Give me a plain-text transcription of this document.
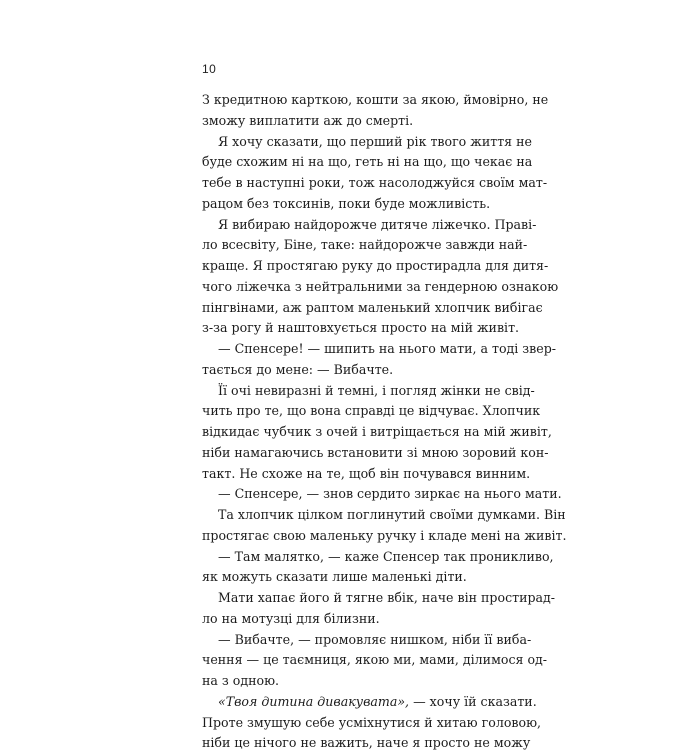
10
З кредитною карткою, кошти за якою, ймовірно, не
зможу виплатити аж до смерті.
Я хочу сказати, що перший рік твого життя не
буде схожим ні на що, геть ні на що, що чекає на
тебе в наступні роки, тож насолоджуйся своїм мат-
рацом без токсинів, поки буде можливість.
Я вибираю найдорожче дитяче ліжечко. Праві-
ло всесвіту, Біне, таке: найдорожче завжди най-
краще. Я простягаю руку до простирадла для дитя-
чого ліжечка з нейтральними за гендерною ознакою
пінгвінами, аж раптом маленький хлопчик вибігає
з-за рогу й наштовхується просто на мій живіт.
— Спенсере! — шипить на нього мати, а тоді звер-
тається до мене: — Вибачте.
Її очі невиразні й темні, і погляд жінки не свід-
чить про те, що вона справді це відчуває. Хлопчик
відкидає чубчик з очей і витріщається на мій живіт,
ніби намагаючись встановити зі мною зоровий кон-
такт. Не схоже на те, щоб він почувався винним.
— Спенсере, — знов сердито зиркає на нього мати.
Та хлопчик цілком поглинутий своїми думками. Він
простягає свою маленьку ручку і кладе мені на живіт.
— Там малятко, — каже Спенсер так проникливо,
як можуть сказати лише маленькі діти.
Мати хапає його й тягне вбік, наче він простирад-
ло на мотузці для білизни.
— Вибачте, — промовляє нишком, ніби її виба-
чення — це таємниця, якою ми, мами, ділимося од-
на з одною.
«Твоя дитина дивакувата», — хочу їй сказати.
Проте змушую себе усміхнутися й хитаю головою,
ніби це нічого не важить, наче я просто не можу
